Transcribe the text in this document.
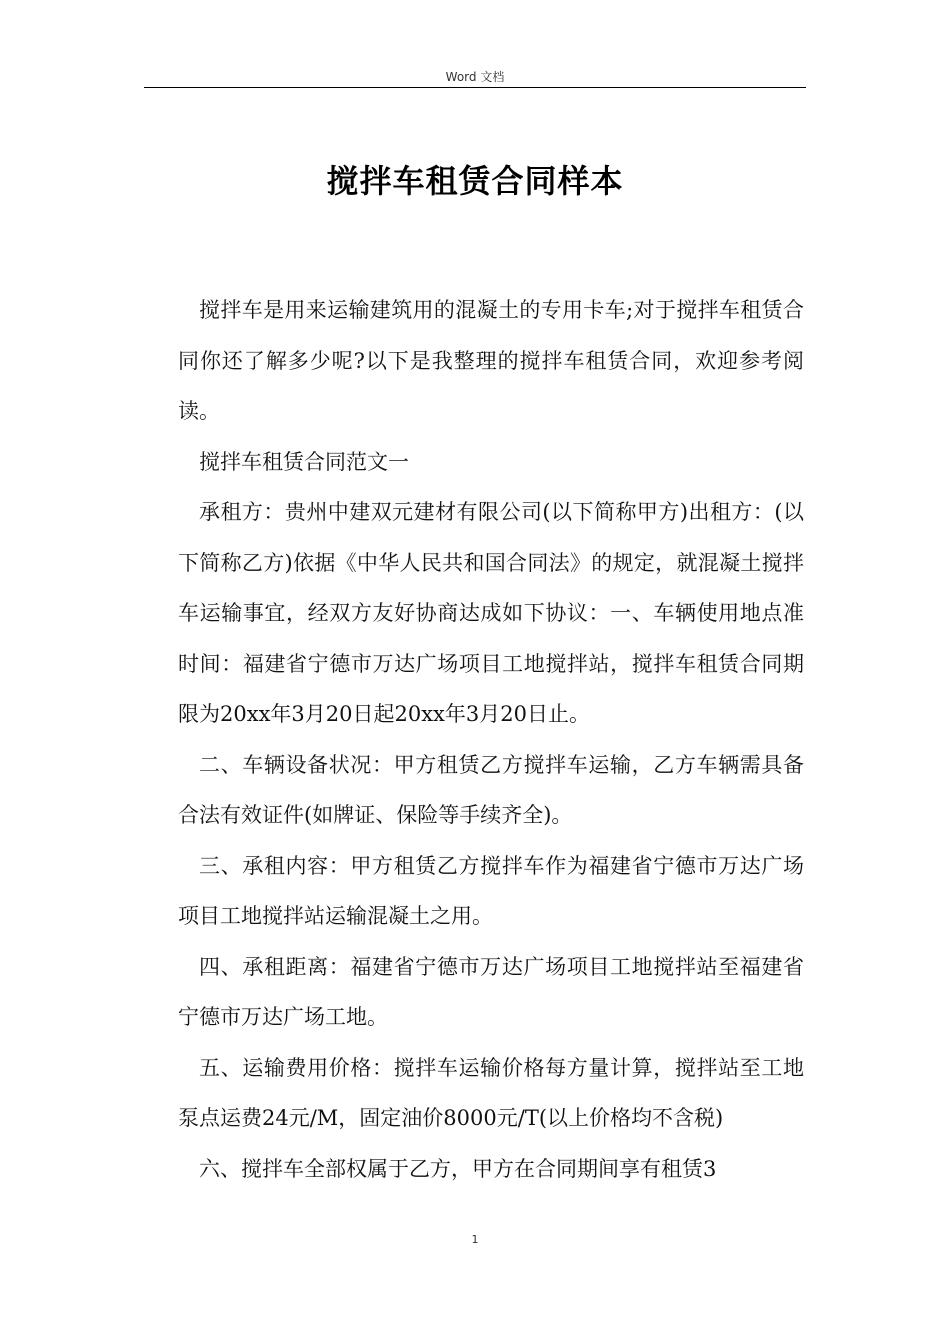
Word 文档
搅拌车租赁合同样本

搅拌车是用来运输建筑用的混凝土的专用卡车;对于搅拌车租赁合同你还了解多少呢?以下是我整理的搅拌车租赁合同，欢迎参考阅读。

搅拌车租赁合同范文一

承租方：贵州中建双元建材有限公司(以下简称甲方)出租方：(以下简称乙方)依据《中华人民共和国合同法》的规定，就混凝土搅拌车运输事宜，经双方友好协商达成如下协议：一、车辆使用地点准时间：福建省宁德市万达广场项目工地搅拌站，搅拌车租赁合同期限为20xx年3月20日起20xx年3月20日止。

二、车辆设备状况：甲方租赁乙方搅拌车运输，乙方车辆需具备合法有效证件(如牌证、保险等手续齐全)。

三、承租内容：甲方租赁乙方搅拌车作为福建省宁德市万达广场项目工地搅拌站运输混凝土之用。

四、承租距离：福建省宁德市万达广场项目工地搅拌站至福建省宁德市万达广场工地。

五、运输费用价格：搅拌车运输价格每方量计算，搅拌站至工地泵点运费24元/M，固定油价8000元/T(以上价格均不含税)

六、搅拌车全部权属于乙方，甲方在合同期间享有租赁3

1
